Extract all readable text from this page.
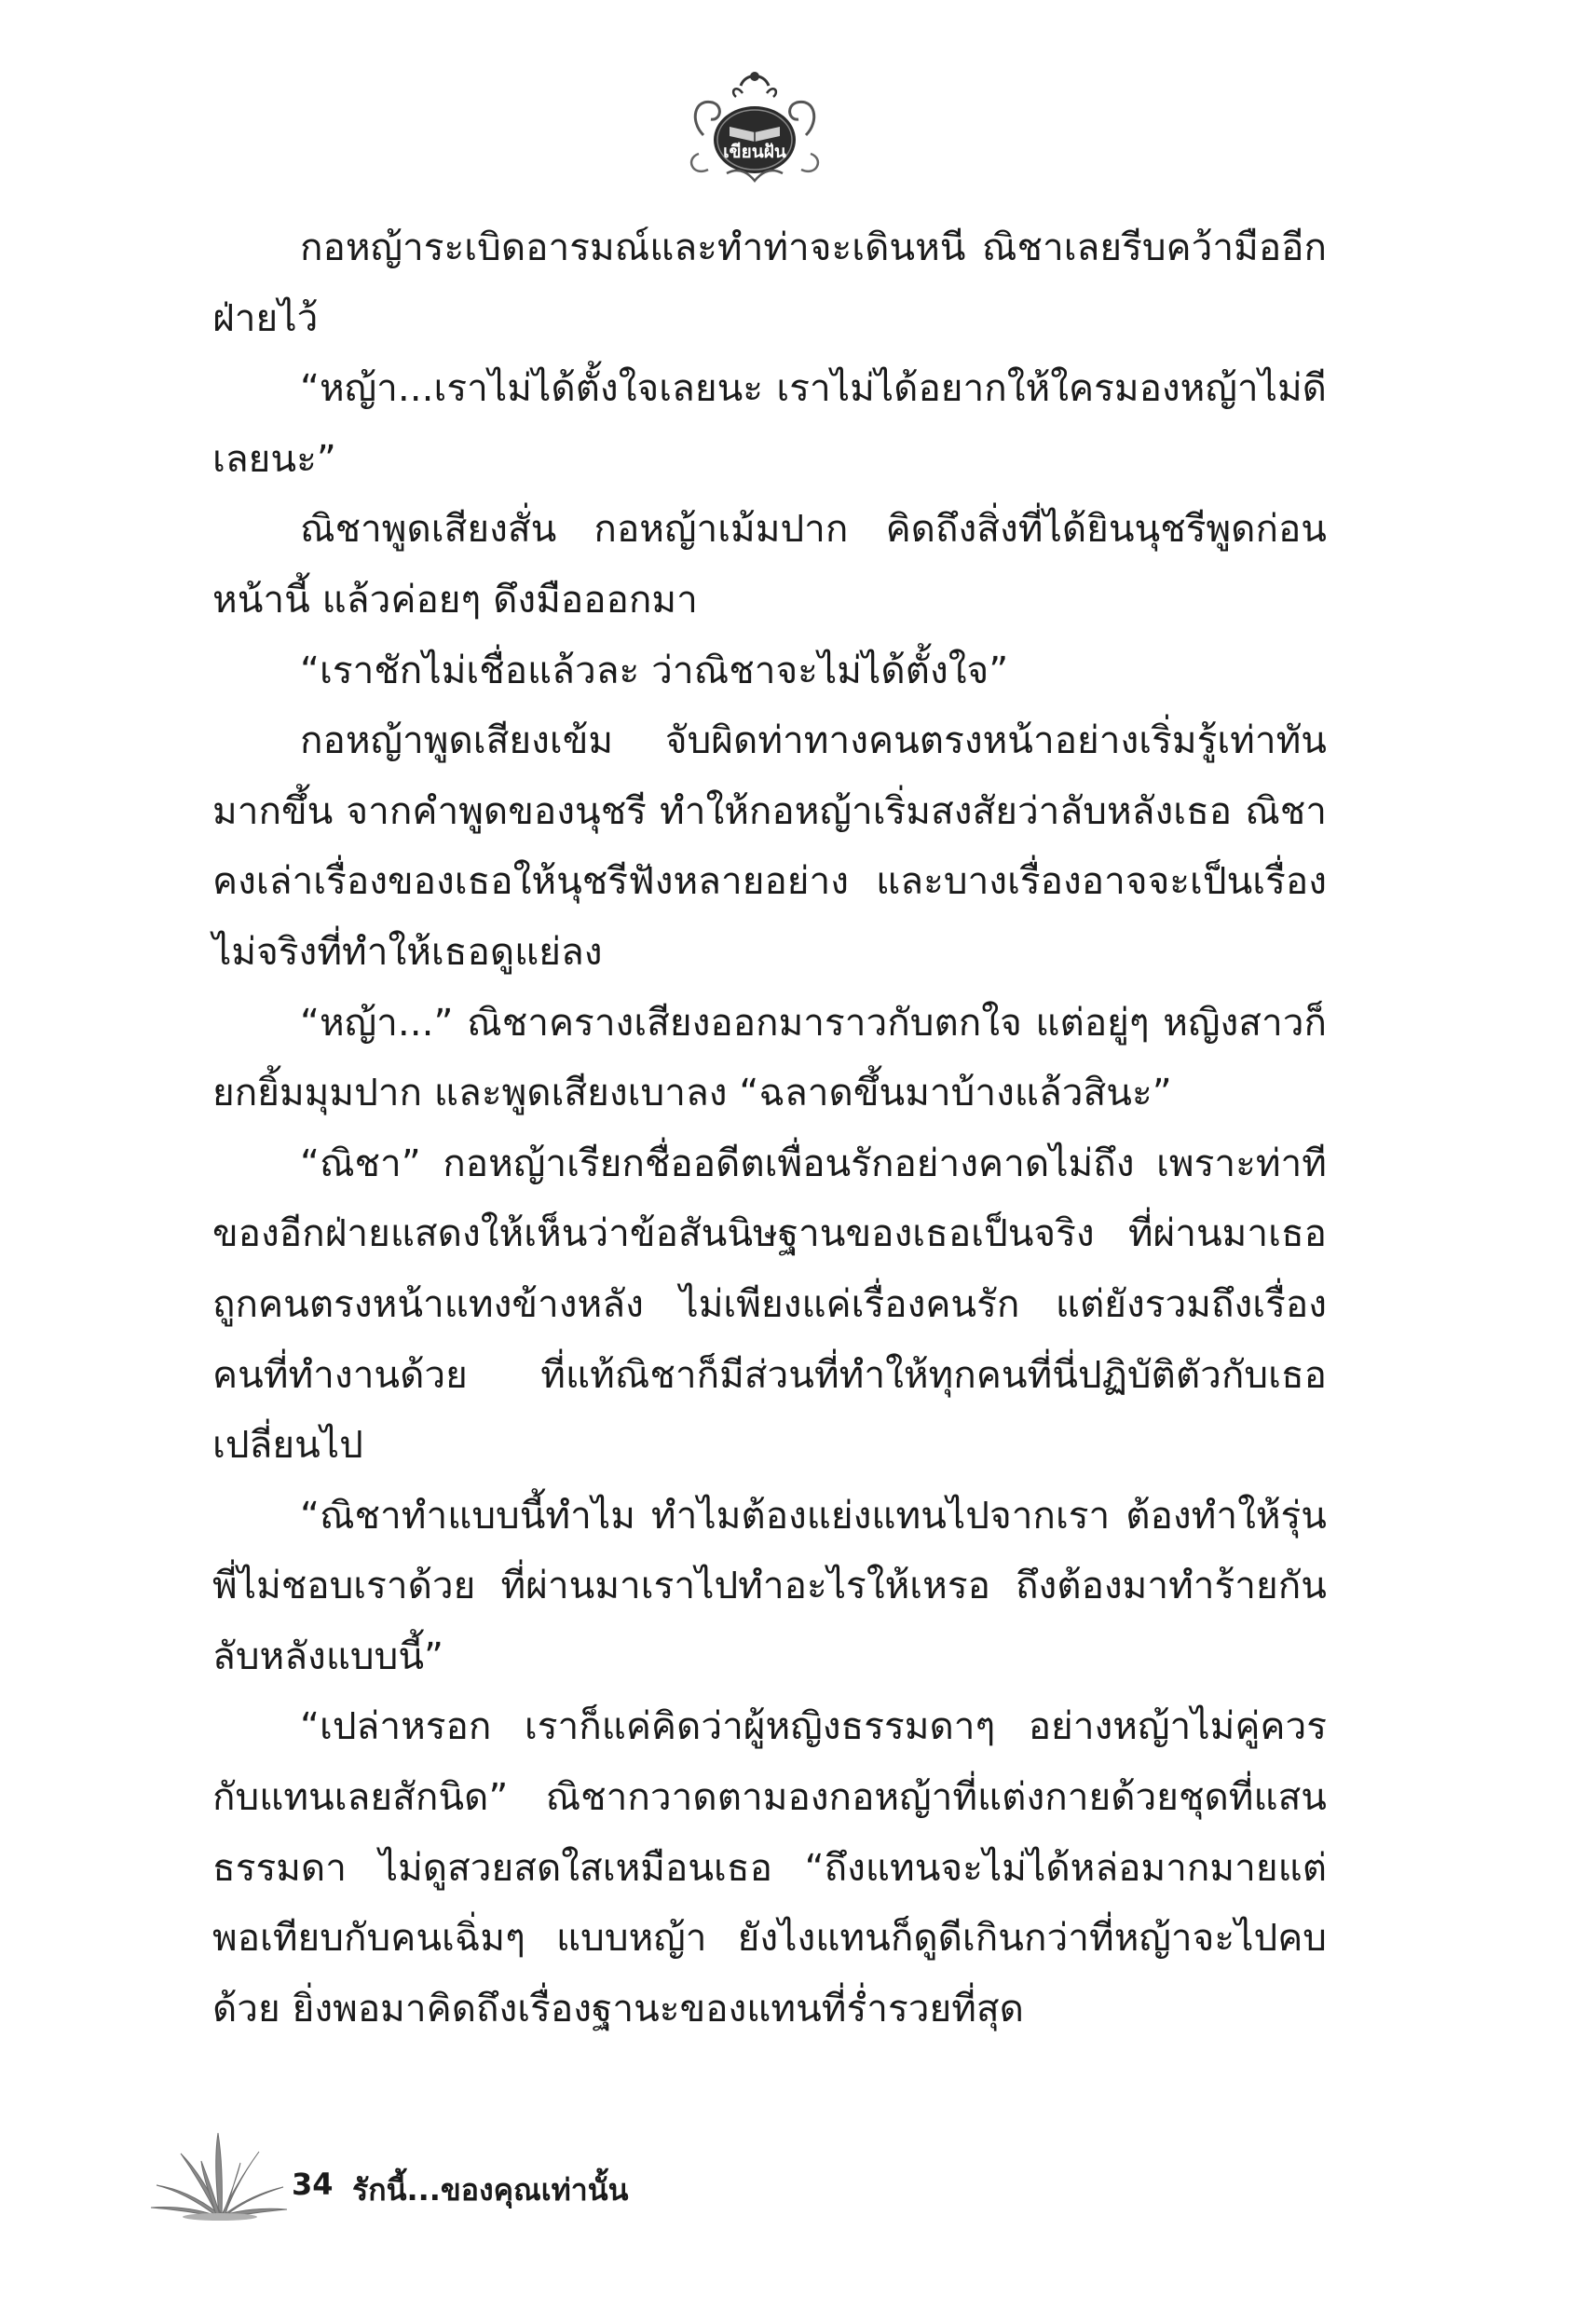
เขียนฝัน

กอหญ้าระเบิดอารมณ์และทำท่าจะเดินหนี ณิชาเลยรีบคว้ามืออีกฝ่ายไว้

“หญ้า...เราไม่ได้ตั้งใจเลยนะ เราไม่ได้อยากให้ใครมองหญ้าไม่ดีเลยนะ”

ณิชาพูดเสียงสั่น กอหญ้าเม้มปาก คิดถึงสิ่งที่ได้ยินนุชรีพูดก่อนหน้านี้ แล้วค่อยๆ ดึงมือออกมา

“เราชักไม่เชื่อแล้วละ ว่าณิชาจะไม่ได้ตั้งใจ”

กอหญ้าพูดเสียงเข้ม จับผิดท่าทางคนตรงหน้าอย่างเริ่มรู้เท่าทันมากขึ้น จากคำพูดของนุชรี ทำให้กอหญ้าเริ่มสงสัยว่าลับหลังเธอ ณิชาคงเล่าเรื่องของเธอให้นุชรีฟังหลายอย่าง และบางเรื่องอาจจะเป็นเรื่องไม่จริงที่ทำให้เธอดูแย่ลง

“หญ้า...” ณิชาครางเสียงออกมาราวกับตกใจ แต่อยู่ๆ หญิงสาวก็ยกยิ้มมุมปาก และพูดเสียงเบาลง “ฉลาดขึ้นมาบ้างแล้วสินะ”

“ณิชา” กอหญ้าเรียกชื่ออดีตเพื่อนรักอย่างคาดไม่ถึง เพราะท่าทีของอีกฝ่ายแสดงให้เห็นว่าข้อสันนิษฐานของเธอเป็นจริง ที่ผ่านมาเธอถูกคนตรงหน้าแทงข้างหลัง ไม่เพียงแค่เรื่องคนรัก แต่ยังรวมถึงเรื่องคนที่ทำงานด้วย ที่แท้ณิชาก็มีส่วนที่ทำให้ทุกคนที่นี่ปฏิบัติตัวกับเธอเปลี่ยนไป

“ณิชาทำแบบนี้ทำไม ทำไมต้องแย่งแทนไปจากเรา ต้องทำให้รุ่นพี่ไม่ชอบเราด้วย ที่ผ่านมาเราไปทำอะไรให้เหรอ ถึงต้องมาทำร้ายกันลับหลังแบบนี้”

“เปล่าหรอก เราก็แค่คิดว่าผู้หญิงธรรมดาๆ อย่างหญ้าไม่คู่ควรกับแทนเลยสักนิด” ณิชากวาดตามองกอหญ้าที่แต่งกายด้วยชุดที่แสนธรรมดา ไม่ดูสวยสดใสเหมือนเธอ “ถึงแทนจะไม่ได้หล่อมากมายแต่พอเทียบกับคนเฉิ่มๆ แบบหญ้า ยังไงแทนก็ดูดีเกินกว่าที่หญ้าจะไปคบด้วย ยิ่งพอมาคิดถึงเรื่องฐานะของแทนที่ร่ำรวยที่สุด

34 รักนี้...ของคุณเท่านั้น
